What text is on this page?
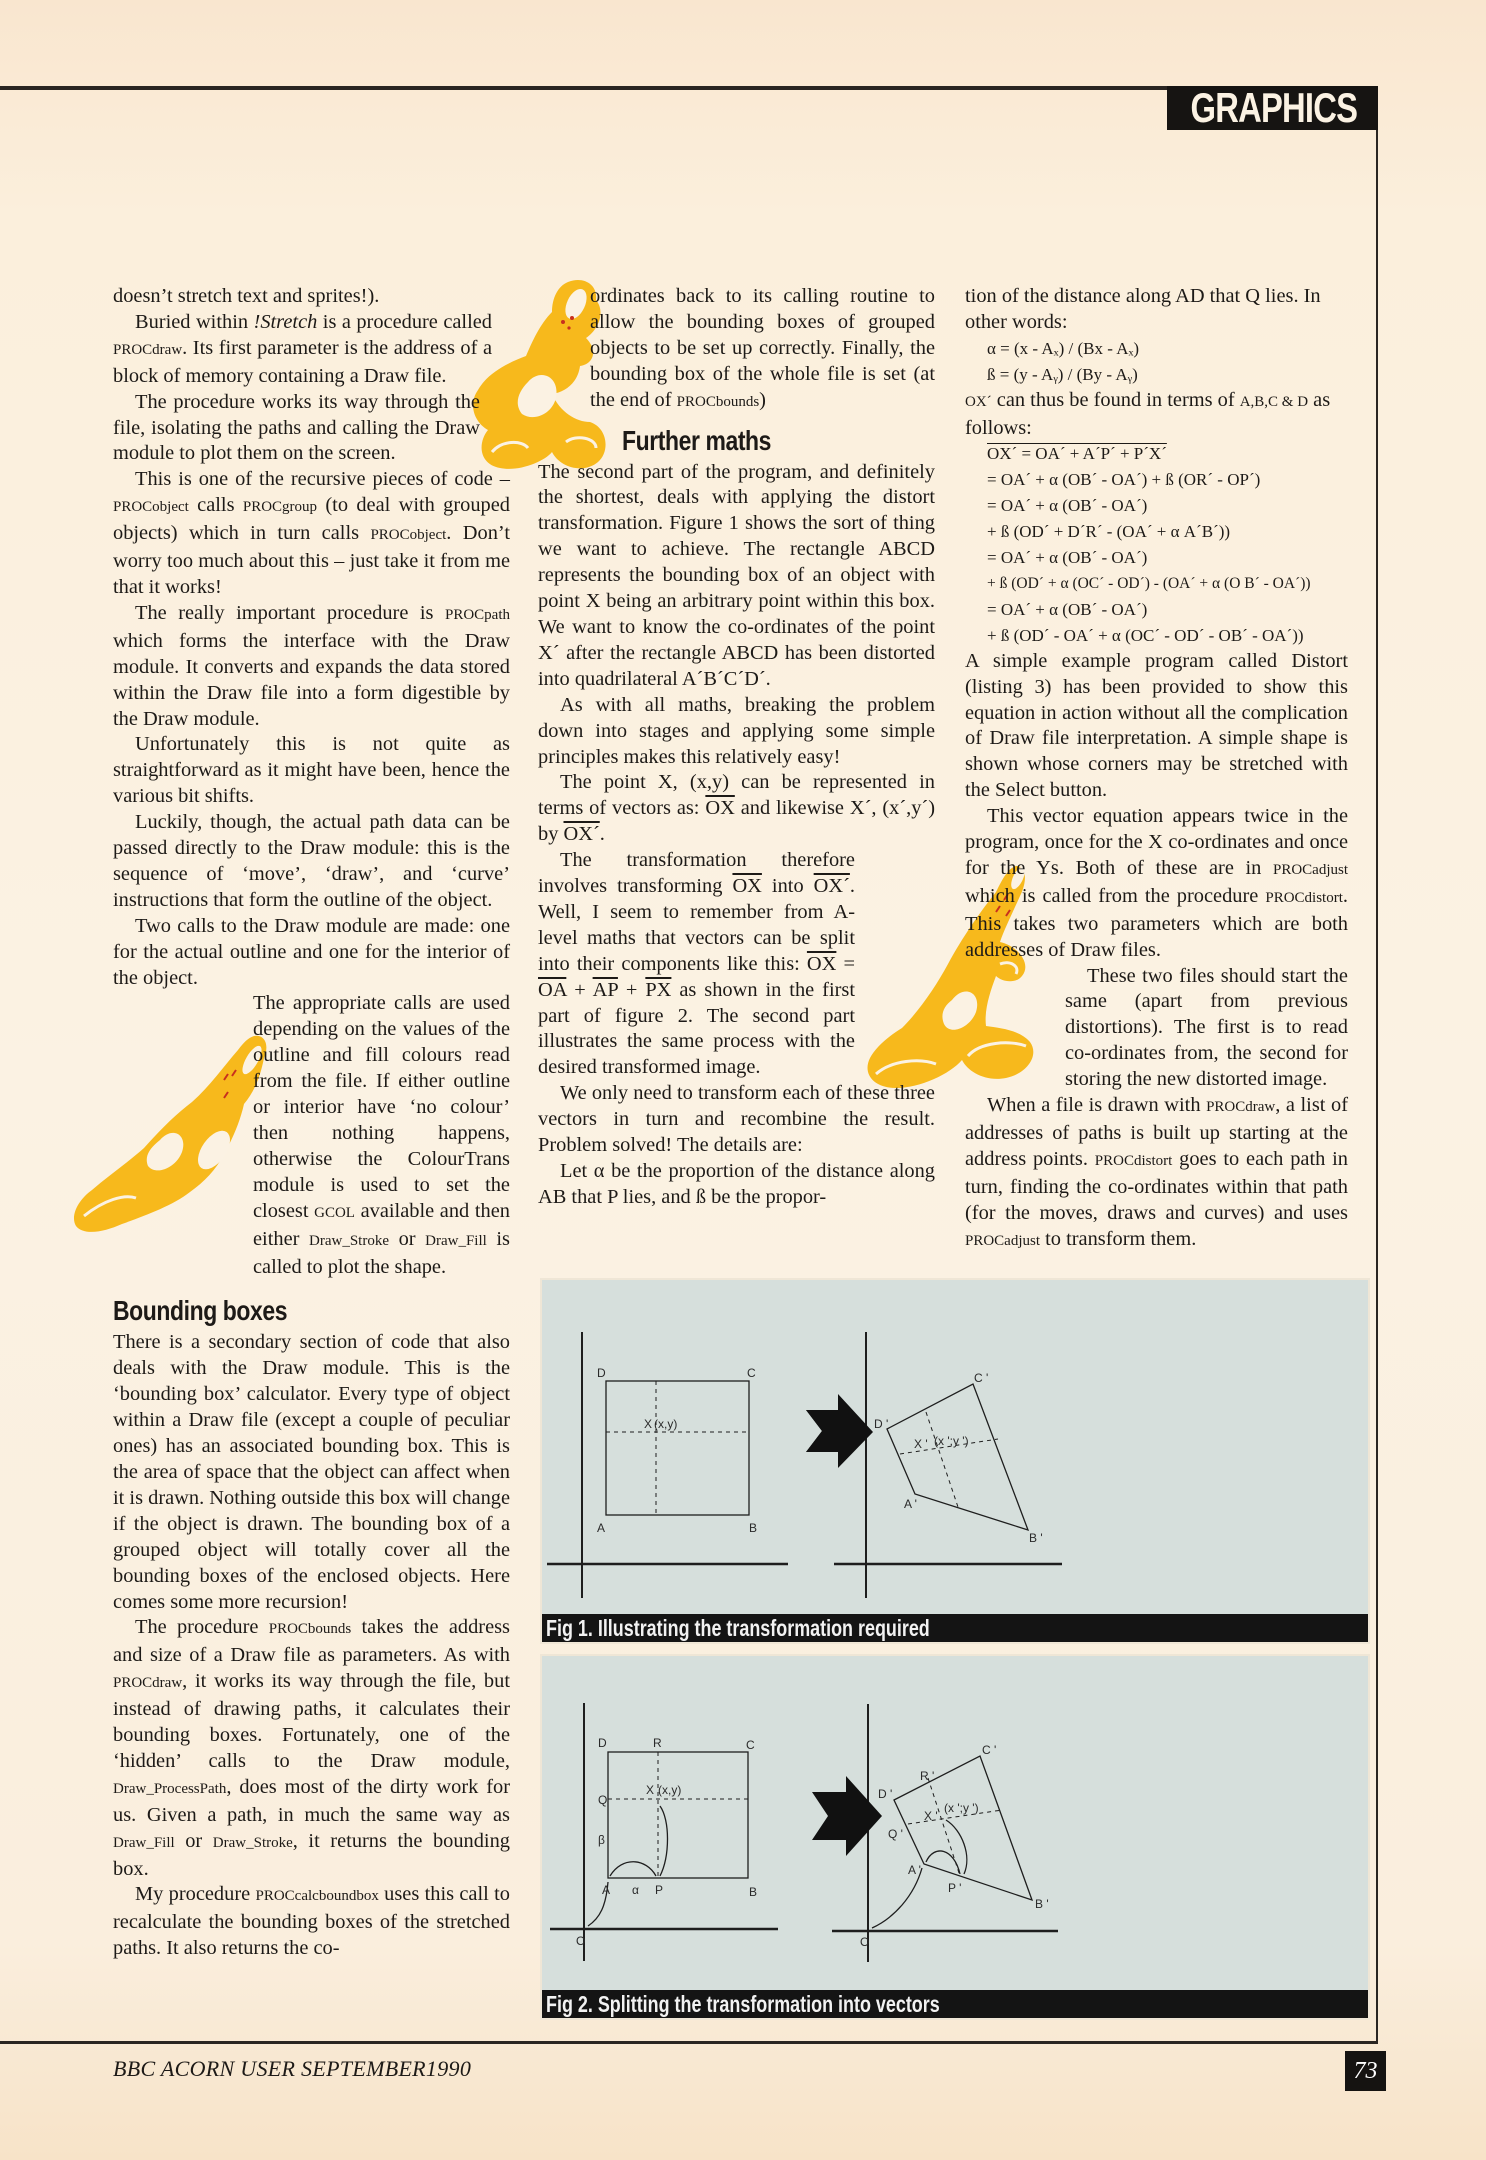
GRAPHICS

doesn’t stretch text and sprites!).

Buried within !Stretch is a procedure called PROCdraw. Its first parameter is the address of a block of memory containing a Draw file.

The procedure works its way through the file, isolating the paths and calling the Draw module to plot them on the screen.

This is one of the recursive pieces of code – PROCobject calls PROCgroup (to deal with grouped objects) which in turn calls PROCobject. Don’t worry too much about this – just take it from me that it works!

The really important procedure is PROCpath which forms the interface with the Draw module. It converts and expands the data stored within the Draw file into a form digestible by the Draw module.

Unfortunately this is not quite as straightforward as it might have been, hence the various bit shifts.

Luckily, though, the actual path data can be passed directly to the Draw module: this is the sequence of ‘move’, ‘draw’, and ‘curve’ instructions that form the outline of the object.

Two calls to the Draw module are made: one for the actual outline and one for the interior of the object.

The appropriate calls are used depending on the values of the outline and fill colours read from the file. If either outline or interior have ‘no colour’ then nothing happens, otherwise the ColourTrans module is used to set the closest GCOL available and then either Draw_Stroke or Draw_Fill is called to plot the shape.

Bounding boxes

There is a secondary section of code that also deals with the Draw module. This is the ‘bounding box’ calculator. Every type of object within a Draw file (except a couple of peculiar ones) has an associated bounding box. This is the area of space that the object can affect when it is drawn. Nothing outside this box will change if the object is drawn. The bounding box of a grouped object will totally cover all the bounding boxes of the enclosed objects. Here comes some more recursion!

The procedure PROCbounds takes the address and size of a Draw file as parameters. As with PROCdraw, it works its way through the file, but instead of drawing paths, it calculates their bounding boxes. Fortunately, one of the ‘hidden’ calls to the Draw module, Draw_ProcessPath, does most of the dirty work for us. Given a path, in much the same way as Draw_Fill or Draw_Stroke, it returns the bounding box.

My procedure PROCcalcboundbox uses this call to recalculate the bounding boxes of the stretched paths. It also returns the co-

ordinates back to its calling routine to allow the bounding boxes of grouped objects to be set up correctly. Finally, the bounding box of the whole file is set (at the end of PROCbounds)

Further maths

The second part of the program, and definitely the shortest, deals with applying the distort transformation. Figure 1 shows the sort of thing we want to achieve. The rectangle ABCD represents the bounding box of an object with point X being an arbitrary point within this box. We want to know the co-ordinates of the point X´ after the rectangle ABCD has been distorted into quadrilateral A´B´C´D´.

As with all maths, breaking the problem down into stages and applying some simple principles makes this relatively easy!

The point X, (x,y) can be represented in terms of vectors as: $\overline{OX}$ and likewise X´, (x´,y´) by OX´.

The transformation therefore involves transforming $\overline{OX}$ into OX´. Well, I seem to remember from A-level maths that vectors can be split into their components like this: $\overline{OX} = \overline{OA} + \overline{AP} + \overline{PX}$ as shown in the first part of figure 2. The second part illustrates the same process with the desired transformed image.

We only need to transform each of these three vectors in turn and recombine the result. Problem solved! The details are:

Let α be the proportion of the distance along AB that P lies, and ß be the propor-

tion of the distance along AD that Q lies. In other words:

α = (x - Aₓ) / (Bx - Aₓ)
ß = (y - Aᵧ) / (By - Aᵧ)

OX´ can thus be found in terms of A,B,C & D as follows:

OX´ = OA´ + A´P´ + P´X´
= OA´ + α (OB´ - OA´) + ß (OR´ - OP´)
= OA´ + α (OB´ - OA´)
+ ß (OD´ + D´R´ - (OA´ + α A´B´))
= OA´ + α (OB´ - OA´)
+ ß (OD´ + α (OC´ - OD´) - (OA´ + α (O B´ - OA´))
= OA´ + α (OB´ - OA´)
+ ß (OD´ - OA´ + α (OC´ - OD´ - OB´ - OA´))

A simple example program called Distort (listing 3) has been provided to show this equation in action without all the complication of Draw file interpretation. A simple shape is shown whose corners may be stretched with the Select button.

This vector equation appears twice in the program, once for the X co-ordinates and once for the Ys. Both of these are in PROCadjust which is called from the procedure PROCdistort. This takes two parameters which are both addresses of Draw files.

These two files should start the same (apart from previous distortions). The first is to read co-ordinates from, the second for storing the new distorted image.

When a file is drawn with PROCdraw, a list of addresses of paths is built up starting at the address points. PROCdistort goes to each path in turn, finding the co-ordinates within that path (for the moves, draws and curves) and uses PROCadjust to transform them.

D	C
A	B
X (x,y)	D '
C '
A '
B '
X ' (x ';y ')
Fig 1. Illustrating the transformation required
D	R	C
Q
β
A α P	B
O
X (x,y)	D '
R '
C '
Q '
A '
P '
B '
O
X '
(x ';y ')
Fig 2. Splitting the transformation into vectors
BBC ACORN USER SEPTEMBER1990	73
